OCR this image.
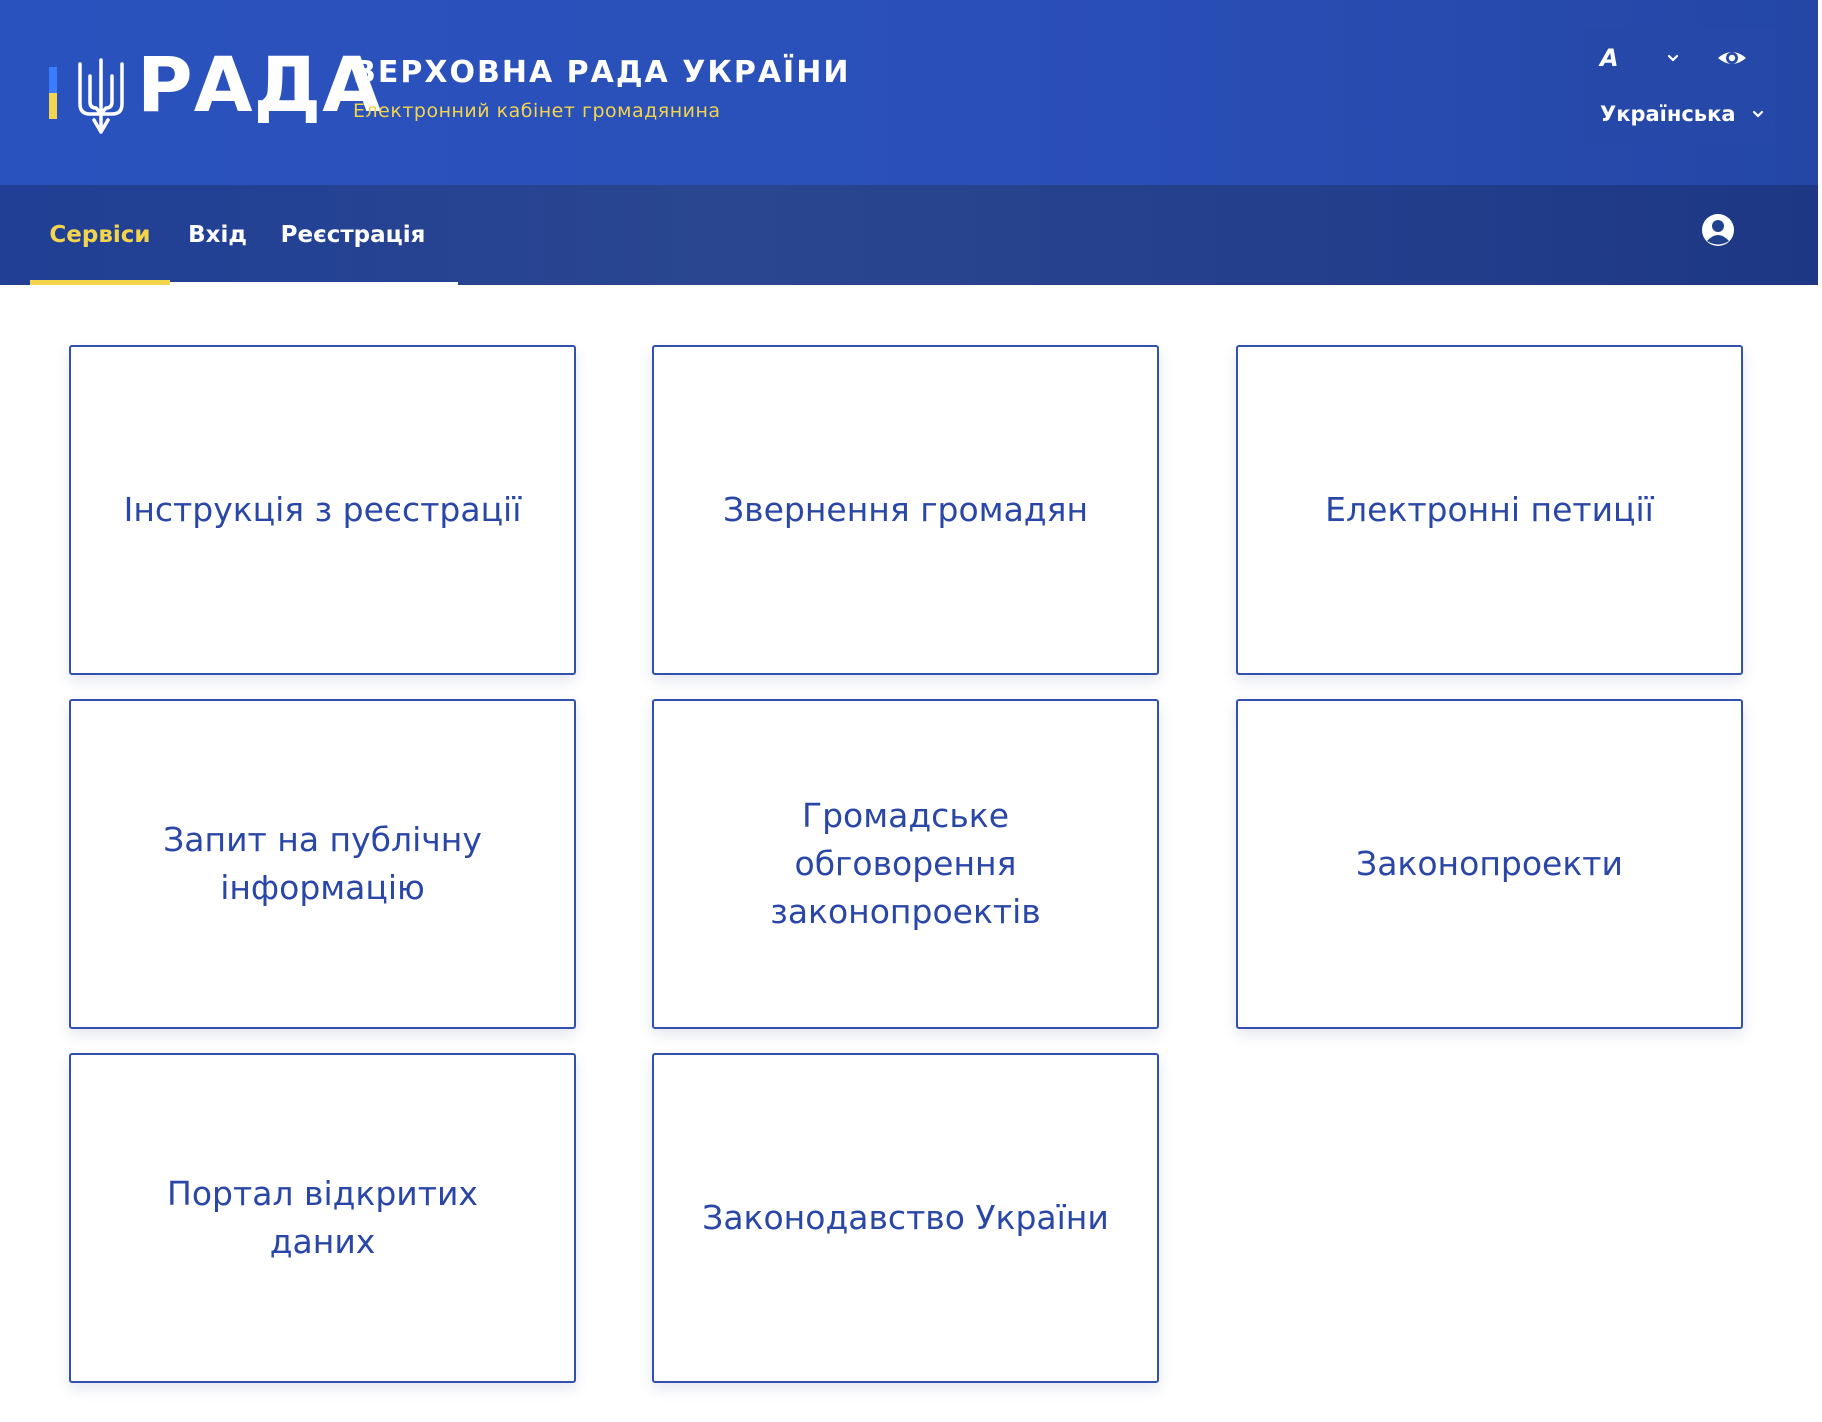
РАДА
ВЕРХОВНА РАДА УКРАЇНИ
Електронний кабінет громадянина
A
Українська
Сервіси	Вхід	Реєстрація
Інструкція з реєстрації	Звернення громадян	Електронні петиції
Запит на публічну інформацію
Громадське обговорення законопроектів
Законопроекти
Портал відкритих даних
Законодавство України
